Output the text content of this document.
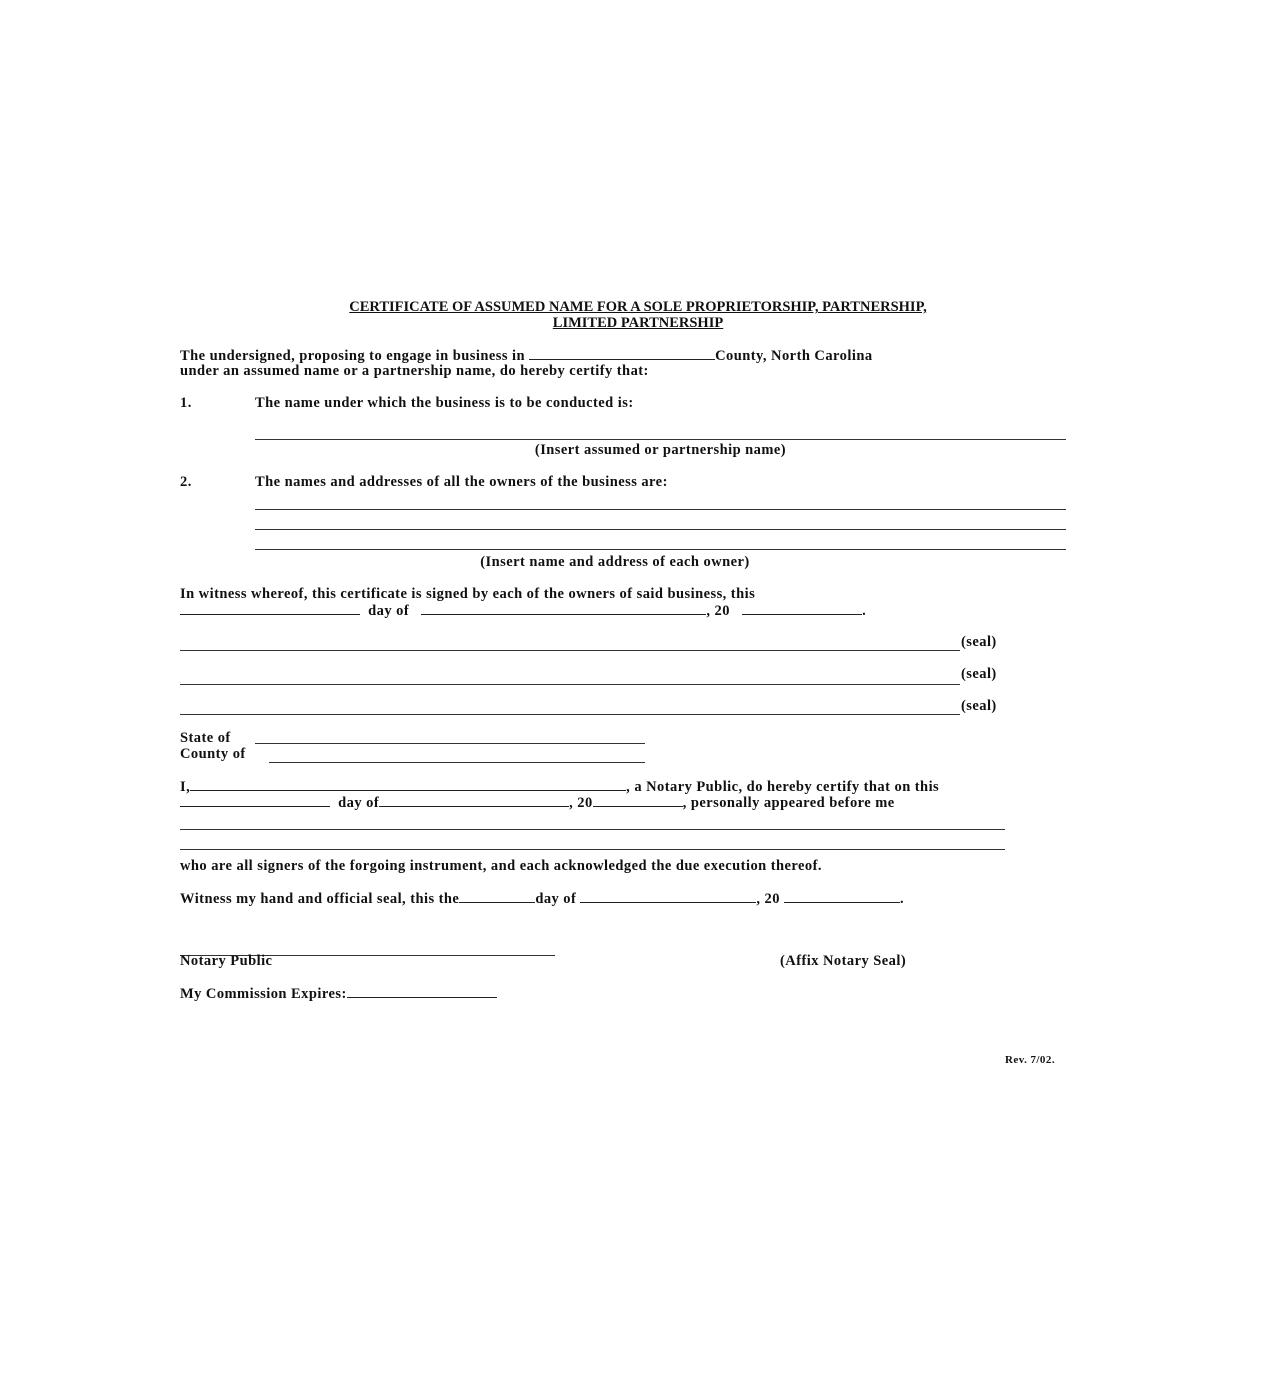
CERTIFICATE OF ASSUMED NAME FOR A SOLE PROPRIETORSHIP, PARTNERSHIP,
LIMITED PARTNERSHIP
The undersigned, proposing to engage in business in	County, North Carolina
under an assumed name or a partnership name, do hereby certify that:
1.	The name under which the business is to be conducted is:
(Insert assumed or partnership name)
2.	The names and addresses of all the owners of the business are:
(Insert name and address of each owner)
In witness whereof, this certificate is signed by each of the owners of said business, this
day of	, 20	.
(seal)
(seal)
(seal)
State of
County of
I,	, a Notary Public, do hereby certify that on this
day of	, 20	, personally appeared before me
who are all signers of the forgoing instrument, and each acknowledged the due execution thereof.
Witness my hand and official seal, this the	day of	, 20	.
Notary Public	(Affix Notary Seal)
My Commission Expires:
Rev. 7/02.
